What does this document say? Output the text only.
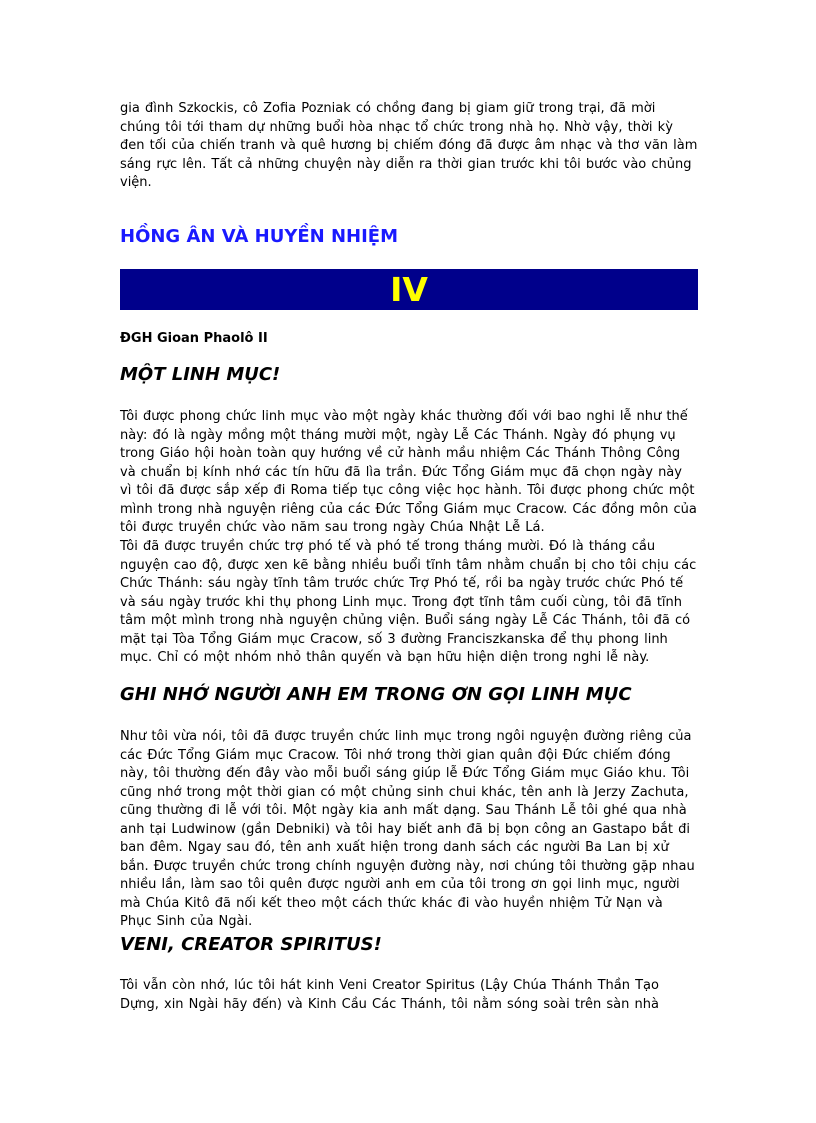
gia đình Szkockis, cô Zofia Pozniak có chồng đang bị giam giữ trong trại, đã mời chúng tôi tới tham dự những buổi hòa nhạc tổ chức trong nhà họ. Nhờ vậy, thời kỳ đen tối của chiến tranh và quê hương bị chiếm đóng đã được âm nhạc và thơ văn làm sáng rực lên. Tất cả những chuyện này diễn ra thời gian trước khi tôi bước vào chủng viện.

HỒNG ÂN VÀ HUYỀN NHIỆM
IV

ĐGH Gioan Phaolô II

MỘT LINH MỤC!

Tôi được phong chức linh mục vào một ngày khác thường đối với bao nghi lễ như thế này: đó là ngày mồng một tháng mười một, ngày Lễ Các Thánh. Ngày đó phụng vụ trong Giáo hội hoàn toàn quy hướng về cử hành mầu nhiệm Các Thánh Thông Công và chuẩn bị kính nhớ các tín hữu đã lìa trần. Đức Tổng Giám mục đã chọn ngày này vì tôi đã được sắp xếp đi Roma tiếp tục công việc học hành. Tôi được phong chức một mình trong nhà nguyện riêng của các Đức Tổng Giám mục Cracow. Các đồng môn của tôi được truyền chức vào năm sau trong ngày Chúa Nhật Lễ Lá.

Tôi đã được truyền chức trợ phó tế và phó tế trong tháng mười. Đó là tháng cầu nguyện cao độ, được xen kẽ bằng nhiều buổi tĩnh tâm nhằm chuẩn bị cho tôi chịu các Chức Thánh: sáu ngày tĩnh tâm trước chức Trợ Phó tế, rồi ba ngày trước chức Phó tế và sáu ngày trước khi thụ phong Linh mục. Trong đợt tĩnh tâm cuối cùng, tôi đã tĩnh tâm một mình trong nhà nguyện chủng viện. Buổi sáng ngày Lễ Các Thánh, tôi đã có mặt tại Tòa Tổng Giám mục Cracow, số 3 đường Franciszkanska để thụ phong linh mục. Chỉ có một nhóm nhỏ thân quyến và bạn hữu hiện diện trong nghi lễ này.

GHI NHỚ NGƯỜI ANH EM TRONG ƠN GỌI LINH MỤC

Như tôi vừa nói, tôi đã được truyền chức linh mục trong ngôi nguyện đường riêng của các Đức Tổng Giám mục Cracow. Tôi nhớ trong thời gian quân đội Đức chiếm đóng này, tôi thường đến đây vào mỗi buổi sáng giúp lễ Đức Tổng Giám mục Giáo khu. Tôi cũng nhớ trong một thời gian có một chủng sinh chui khác, tên anh là Jerzy Zachuta, cũng thường đi lễ với tôi. Một ngày kia anh mất dạng. Sau Thánh Lễ tôi ghé qua nhà anh tại Ludwinow (gần Debniki) và tôi hay biết anh đã bị bọn công an Gastapo bắt đi ban đêm. Ngay sau đó, tên anh xuất hiện trong danh sách các người Ba Lan bị xử bắn. Được truyền chức trong chính nguyện đường này, nơi chúng tôi thường gặp nhau nhiều lần, làm sao tôi quên được người anh em của tôi trong ơn gọi linh mục, người mà Chúa Kitô đã nối kết theo một cách thức khác đi vào huyền nhiệm Tử Nạn và Phục Sinh của Ngài.

VENI, CREATOR SPIRITUS!

Tôi vẫn còn nhớ, lúc tôi hát kinh Veni Creator Spiritus (Lậy Chúa Thánh Thần Tạo Dựng, xin Ngài hãy đến) và Kinh Cầu Các Thánh, tôi nằm sóng soài trên sàn nhà
